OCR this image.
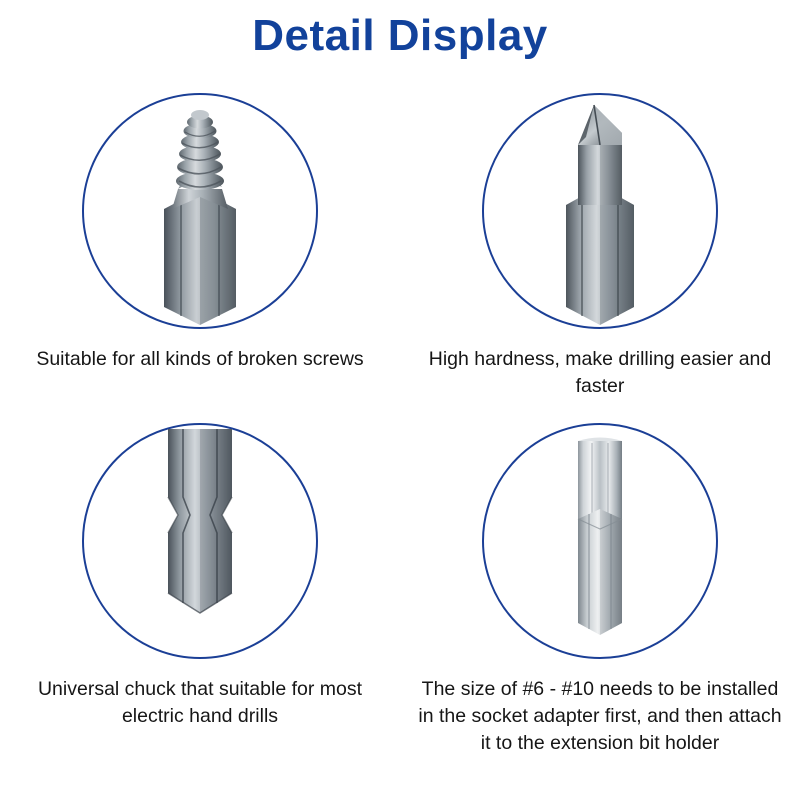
Detail Display
Suitable for all kinds of broken screws	High hardness, make drilling easier and faster
Universal chuck that suitable for most electric hand drills
The size of #6 - #10 needs to be installed in the socket adapter first, and then attach it to the extension bit holder
